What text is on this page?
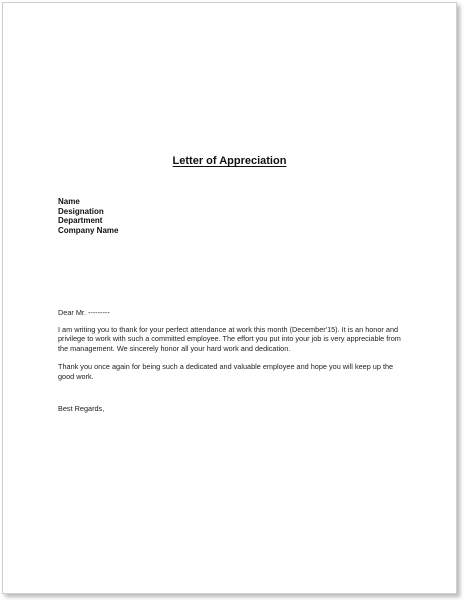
Letter of Appreciation
Name
Designation
Department
Company Name

Dear Mr. ---------

I am writing you to thank for your perfect attendance at work this month (December'15). It is an honor and privilege to work with such a committed employee. The effort you put into your job is very appreciable from the management. We sincerely honor all your hard work and dedication.

Thank you once again for being such a dedicated and valuable employee and hope you will keep up the good work.

Best Regards,
